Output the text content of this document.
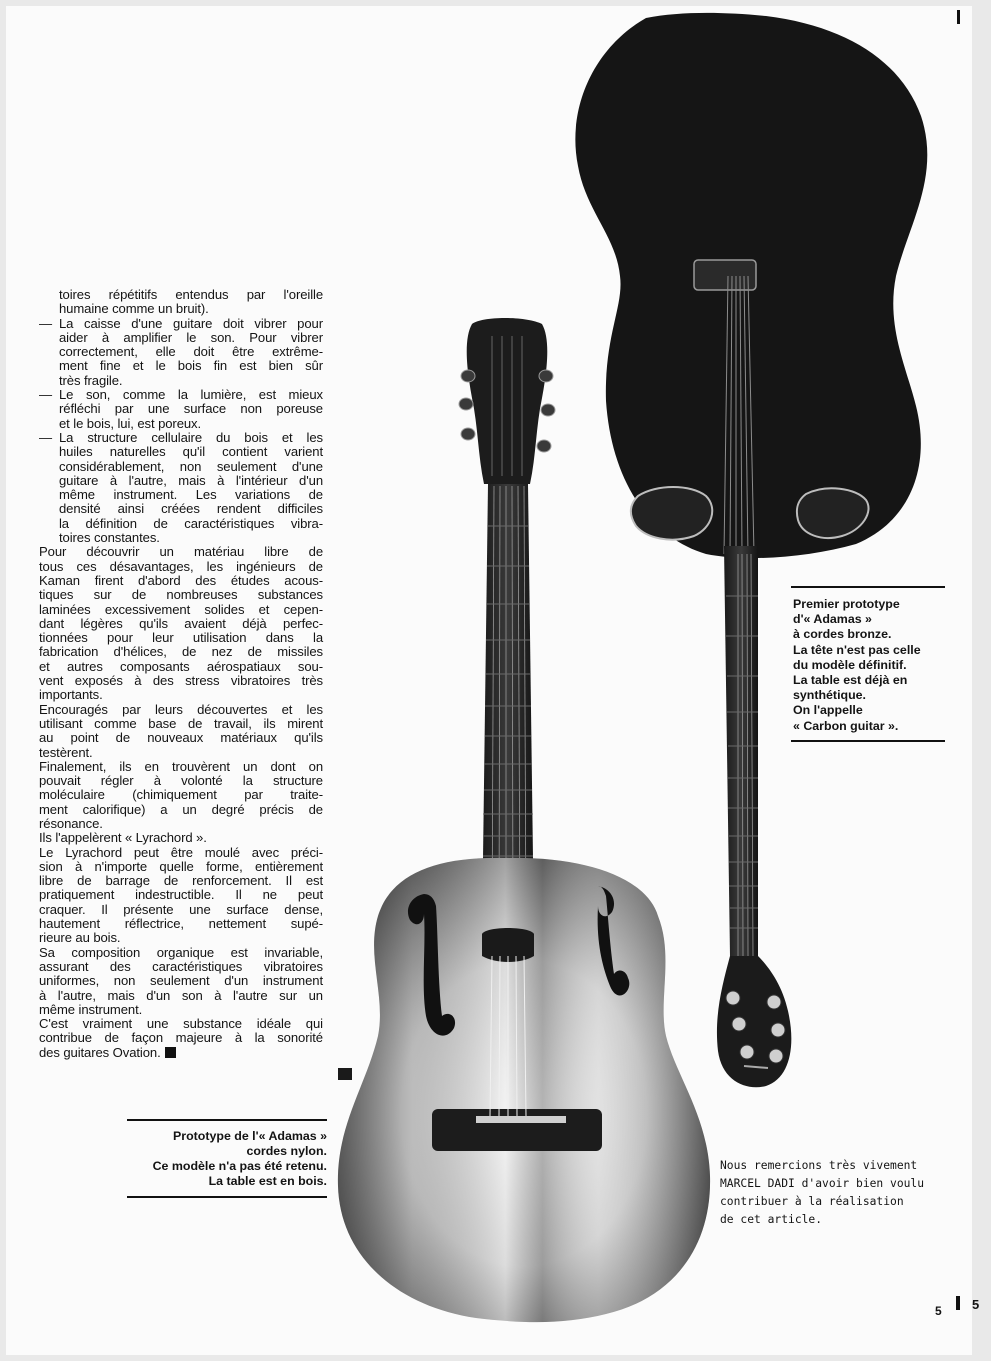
5
toires répétitifs entendus par l'oreille
humaine comme un bruit).
— La caisse d'une guitare doit vibrer pour
aider à amplifier le son. Pour vibrer
correctement, elle doit être extrême-
ment fine et le bois fin est bien sûr
très fragile.
— Le son, comme la lumière, est mieux
réfléchi par une surface non poreuse
et le bois, lui, est poreux.
— La structure cellulaire du bois et les
huiles naturelles qu'il contient varient
considérablement, non seulement d'une
guitare à l'autre, mais à l'intérieur d'un
même instrument. Les variations de
densité ainsi créées rendent difficiles
la définition de caractéristiques vibra-
toires constantes.
Pour découvrir un matériau libre de
tous ces désavantages, les ingénieurs de
Kaman firent d'abord des études acous-
tiques sur de nombreuses substances
laminées excessivement solides et cepen-
dant légères qu'ils avaient déjà perfec-
tionnées pour leur utilisation dans la
fabrication d'hélices, de nez de missiles
et autres composants aérospatiaux sou-
vent exposés à des stress vibratoires très
importants.
Encouragés par leurs découvertes et les
utilisant comme base de travail, ils mirent
au point de nouveaux matériaux qu'ils
testèrent.
Finalement, ils en trouvèrent un dont on
pouvait régler à volonté la structure
moléculaire (chimiquement par traite-
ment calorifique) a un degré précis de
résonance.
Ils l'appelèrent « Lyrachord ».
Le Lyrachord peut être moulé avec préci-
sion à n'importe quelle forme, entièrement
libre de barrage de renforcement. Il est
pratiquement indestructible. Il ne peut
craquer. Il présente une surface dense,
hautement réflectrice, nettement supé-
rieure au bois.
Sa composition organique est invariable,
assurant des caractéristiques vibratoires
uniformes, non seulement d'un instrument
à l'autre, mais d'un son à l'autre sur un
même instrument.
C'est vraiment une substance idéale qui
contribue de façon majeure à la sonorité
des guitares Ovation.
Premier prototype
d'« Adamas »
à cordes bronze.
La tête n'est pas celle
du modèle définitif.
La table est déjà en
synthétique.
On l'appelle
« Carbon guitar ».
Prototype de l'« Adamas »
cordes nylon.
Ce modèle n'a pas été retenu.
La table est en bois.
Nous remercions très vivement
MARCEL DADI d'avoir bien voulu
contribuer à la réalisation
de cet article.
5
